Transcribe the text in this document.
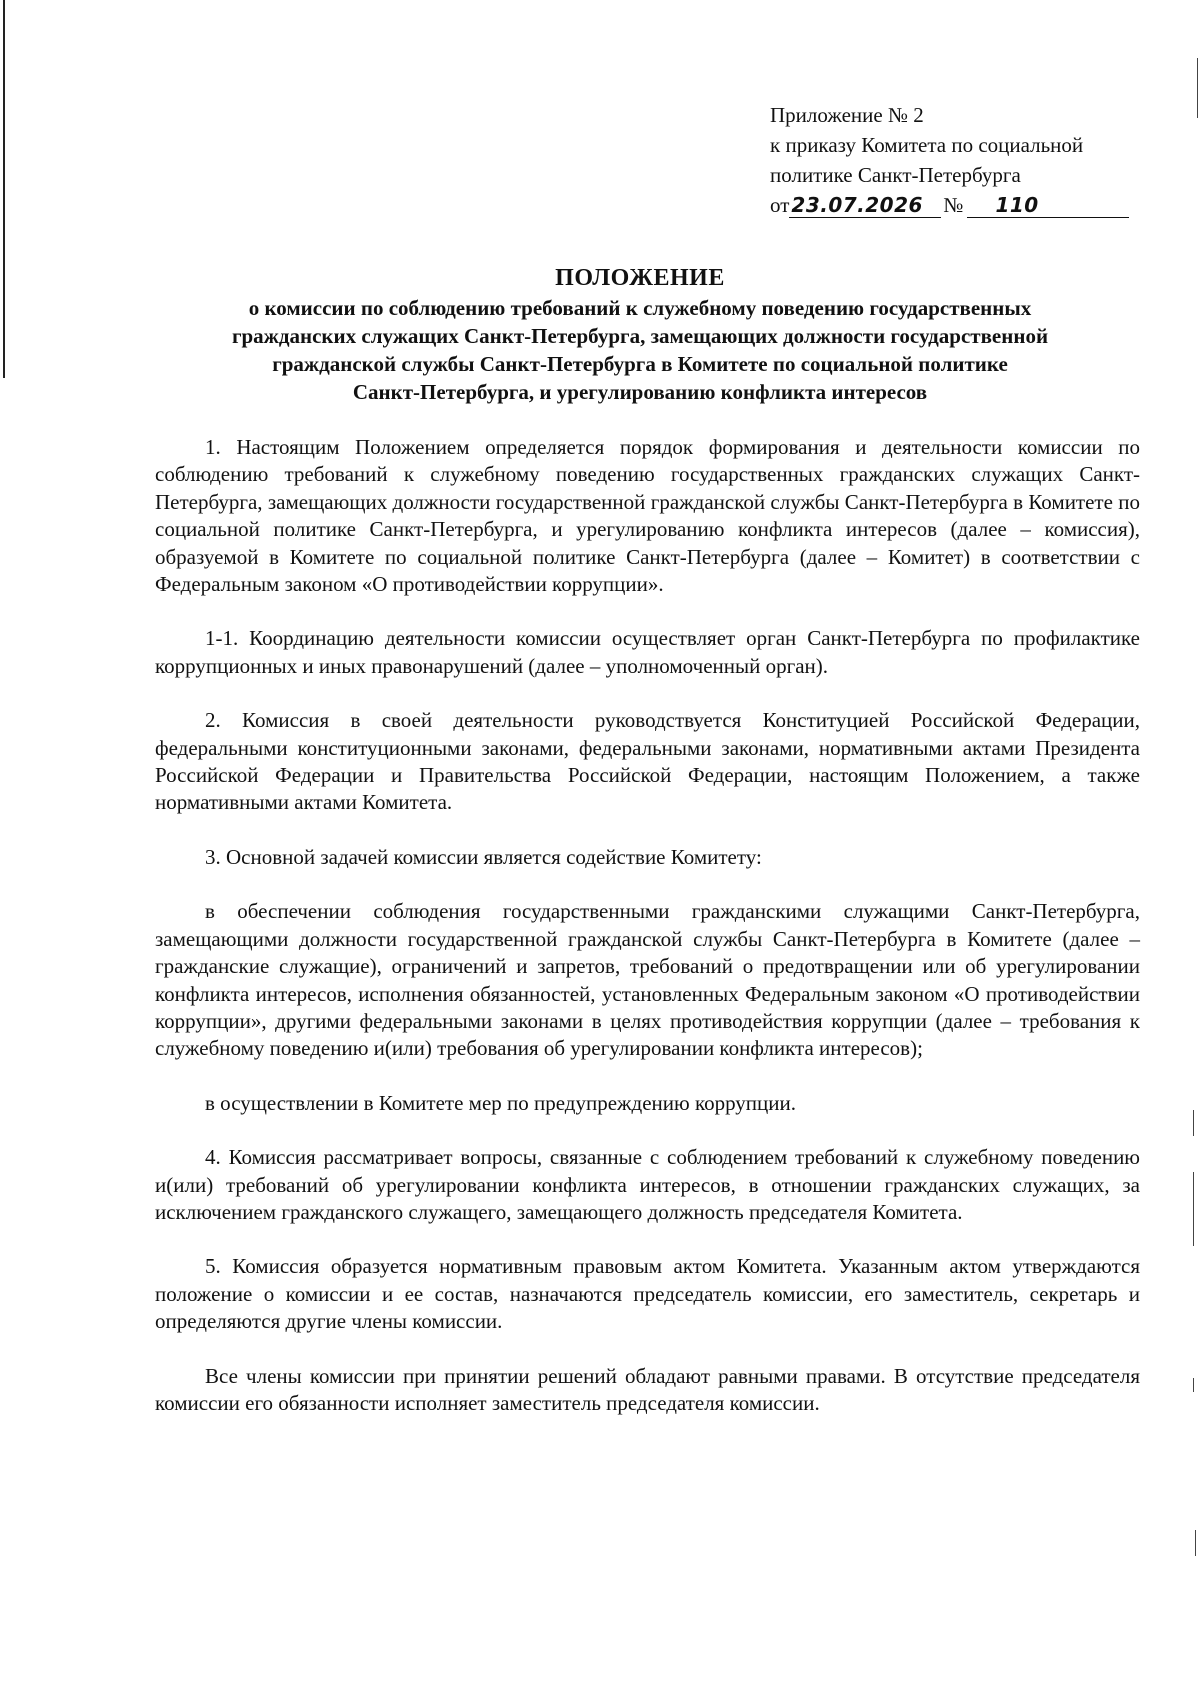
Приложение № 2
к приказу Комитета по социальной
политике Санкт-Петербурга
от 23.07.2026 №	110
ПОЛОЖЕНИЕ
о комиссии по соблюдению требований к служебному поведению государственных
гражданских служащих Санкт-Петербурга, замещающих должности государственной
гражданской службы Санкт-Петербурга в Комитете по социальной политике
Санкт-Петербурга, и урегулированию конфликта интересов

1. Настоящим Положением определяется порядок формирования и деятельности комиссии по соблюдению требований к служебному поведению государственных гражданских служащих Санкт-Петербурга, замещающих должности государственной гражданской службы Санкт-Петербурга в Комитете по социальной политике Санкт-Петербурга, и урегулированию конфликта интересов (далее – комиссия), образуемой в Комитете по социальной политике Санкт-Петербурга (далее – Комитет) в соответствии с Федеральным законом «О противодействии коррупции».

1-1. Координацию деятельности комиссии осуществляет орган Санкт-Петербурга по профилактике коррупционных и иных правонарушений (далее – уполномоченный орган).

2. Комиссия в своей деятельности руководствуется Конституцией Российской Федерации, федеральными конституционными законами, федеральными законами, нормативными актами Президента Российской Федерации и Правительства Российской Федерации, настоящим Положением, а также нормативными актами Комитета.

3. Основной задачей комиссии является содействие Комитету:

в обеспечении соблюдения государственными гражданскими служащими Санкт-Петербурга, замещающими должности государственной гражданской службы Санкт-Петербурга в Комитете (далее – гражданские служащие), ограничений и запретов, требований о предотвращении или об урегулировании конфликта интересов, исполнения обязанностей, установленных Федеральным законом «О противодействии коррупции», другими федеральными законами в целях противодействия коррупции (далее – требования к служебному поведению и(или) требования об урегулировании конфликта интересов);

в осуществлении в Комитете мер по предупреждению коррупции.

4. Комиссия рассматривает вопросы, связанные с соблюдением требований к служебному поведению и(или) требований об урегулировании конфликта интересов, в отношении гражданских служащих, за исключением гражданского служащего, замещающего должность председателя Комитета.

5. Комиссия образуется нормативным правовым актом Комитета. Указанным актом утверждаются положение о комиссии и ее состав, назначаются председатель комиссии, его заместитель, секретарь и определяются другие члены комиссии.

Все члены комиссии при принятии решений обладают равными правами. В отсутствие председателя комиссии его обязанности исполняет заместитель председателя комиссии.
